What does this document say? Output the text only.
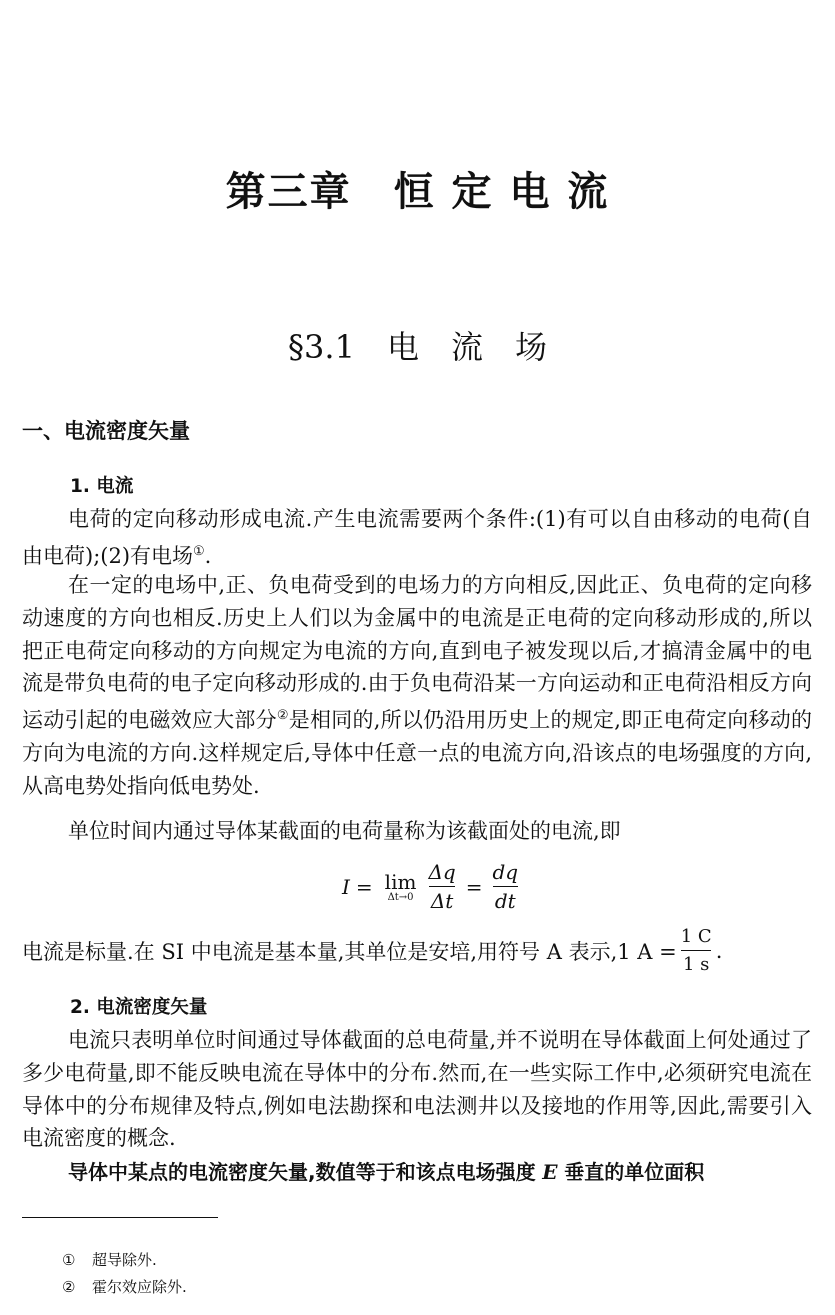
第三章　恒 定 电 流
§3.1　电　流　场
一、电流密度矢量
1. 电流

电荷的定向移动形成电流.产生电流需要两个条件:(1)有可以自由移动的电荷(自由电荷);(2)有电场①.

在一定的电场中,正、负电荷受到的电场力的方向相反,因此正、负电荷的定向移动速度的方向也相反.历史上人们以为金属中的电流是正电荷的定向移动形成的,所以把正电荷定向移动的方向规定为电流的方向,直到电子被发现以后,才搞清金属中的电流是带负电荷的电子定向移动形成的.由于负电荷沿某一方向运动和正电荷沿相反方向运动引起的电磁效应大部分②是相同的,所以仍沿用历史上的规定,即正电荷定向移动的方向为电流的方向.这样规定后,导体中任意一点的电流方向,沿该点的电场强度的方向,从高电势处指向低电势处.

单位时间内通过导体某截面的电荷量称为该截面处的电流,即

I = lim
$\Delta t\to 0 \frac{\Delta q}{\Delta t} = \frac{dq}{dt}$
电流是标量.在 SI 中电流是基本量,其单位是安培,用符号 A 表示,1 $A = \frac{1 C}{1 s}$ .
2. 电流密度矢量

电流只表明单位时间通过导体截面的总电荷量,并不说明在导体截面上何处通过了多少电荷量,即不能反映电流在导体中的分布.然而,在一些实际工作中,必须研究电流在导体中的分布规律及特点,例如电法勘探和电法测井以及接地的作用等,因此,需要引入电流密度的概念.

导体中某点的电流密度矢量,数值等于和该点电场强度 E 垂直的单位面积

① 超导除外.
② 霍尔效应除外.
